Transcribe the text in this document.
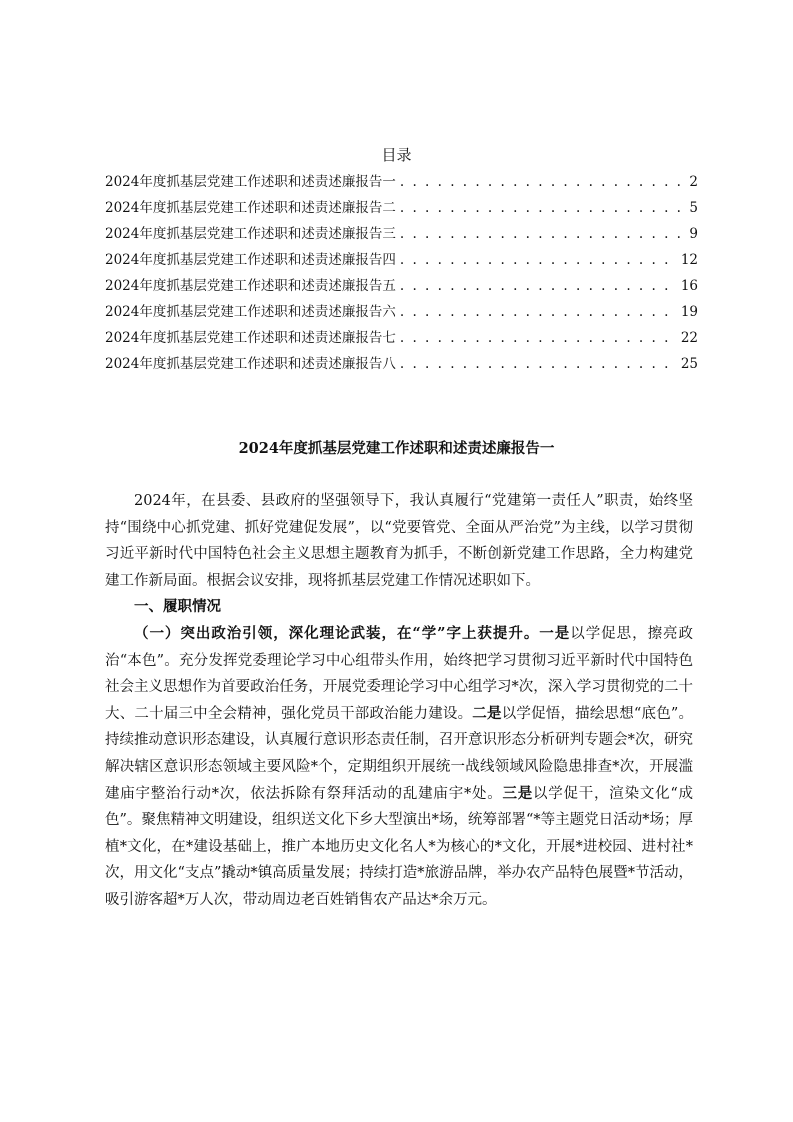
目录
2024年度抓基层党建工作述职和述责述廉报告一 . . .	2
2024年度抓基层党建工作述职和述责述廉报告二 . . .	5
2024年度抓基层党建工作述职和述责述廉报告三 . . .	9
2024年度抓基层党建工作述职和述责述廉报告四 . . .	12
2024年度抓基层党建工作述职和述责述廉报告五 . . .	16
2024年度抓基层党建工作述职和述责述廉报告六 . . .	19
2024年度抓基层党建工作述职和述责述廉报告七 . . .	22
2024年度抓基层党建工作述职和述责述廉报告八 . . .	25
2024年度抓基层党建工作述职和述责述廉报告一

2024年，在县委、县政府的坚强领导下，我认真履行“党建第一责任人”职责，始终坚持“围绕中心抓党建、抓好党建促发展”，以“党要管党、全面从严治党”为主线，以学习贯彻习近平新时代中国特色社会主义思想主题教育为抓手，不断创新党建工作思路，全力构建党建工作新局面。根据会议安排，现将抓基层党建工作情况述职如下。

一、履职情况

（一）突出政治引领，深化理论武装，在“学”字上获提升。一是以学促思，擦亮政治“本色”。充分发挥党委理论学习中心组带头作用，始终把学习贯彻习近平新时代中国特色社会主义思想作为首要政治任务，开展党委理论学习中心组学习*次，深入学习贯彻党的二十大、二十届三中全会精神，强化党员干部政治能力建设。二是以学促悟，描绘思想“底色”。持续推动意识形态建设，认真履行意识形态责任制，召开意识形态分析研判专题会*次，研究解决辖区意识形态领域主要风险*个，定期组织开展统一战线领域风险隐患排查*次，开展滥建庙宇整治行动*次，依法拆除有祭拜活动的乱建庙宇*处。三是以学促干，渲染文化“成色”。聚焦精神文明建设，组织送文化下乡大型演出*场，统筹部署“*等主题党日活动*场；厚植*文化，在*建设基础上，推广本地历史文化名人*为核心的*文化，开展*进校园、进村社*次，用文化“支点”撬动*镇高质量发展；持续打造*旅游品牌，举办农产品特色展暨*节活动，吸引游客超*万人次，带动周边老百姓销售农产品达*余万元。
